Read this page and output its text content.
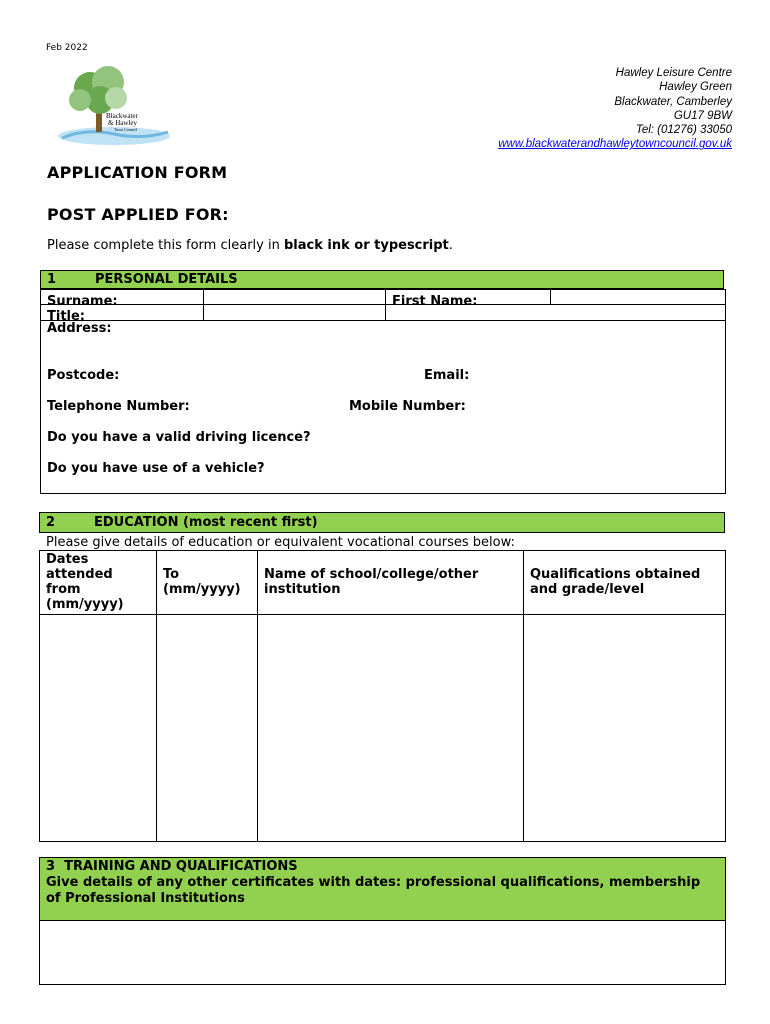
Feb 2022
Blackwater
& Hawley
Town Council
Hawley Leisure Centre
Hawley Green
Blackwater, Camberley
GU17 9BW
Tel: (01276) 33050
www.blackwaterandhawleytowncouncil.gov.uk
APPLICATION FORM
POST APPLIED FOR:
Please complete this form clearly in black ink or typescript.
1	PERSONAL DETAILS
Surname:	First Name:
Title:
Address:
Postcode:	Email:
Telephone Number:	Mobile Number:
Do you have a valid driving licence?
Do you have use of a vehicle?
2	EDUCATION (most recent first)
Please give details of education or equivalent vocational courses below:
Dates attended from (mm/yyyy)	To (mm/yyyy)	Name of school/college/other institution	Qualifications obtained and grade/level

3 TRAINING AND QUALIFICATIONS
Give details of any other certificates with dates: professional qualifications, membership of Professional Institutions
